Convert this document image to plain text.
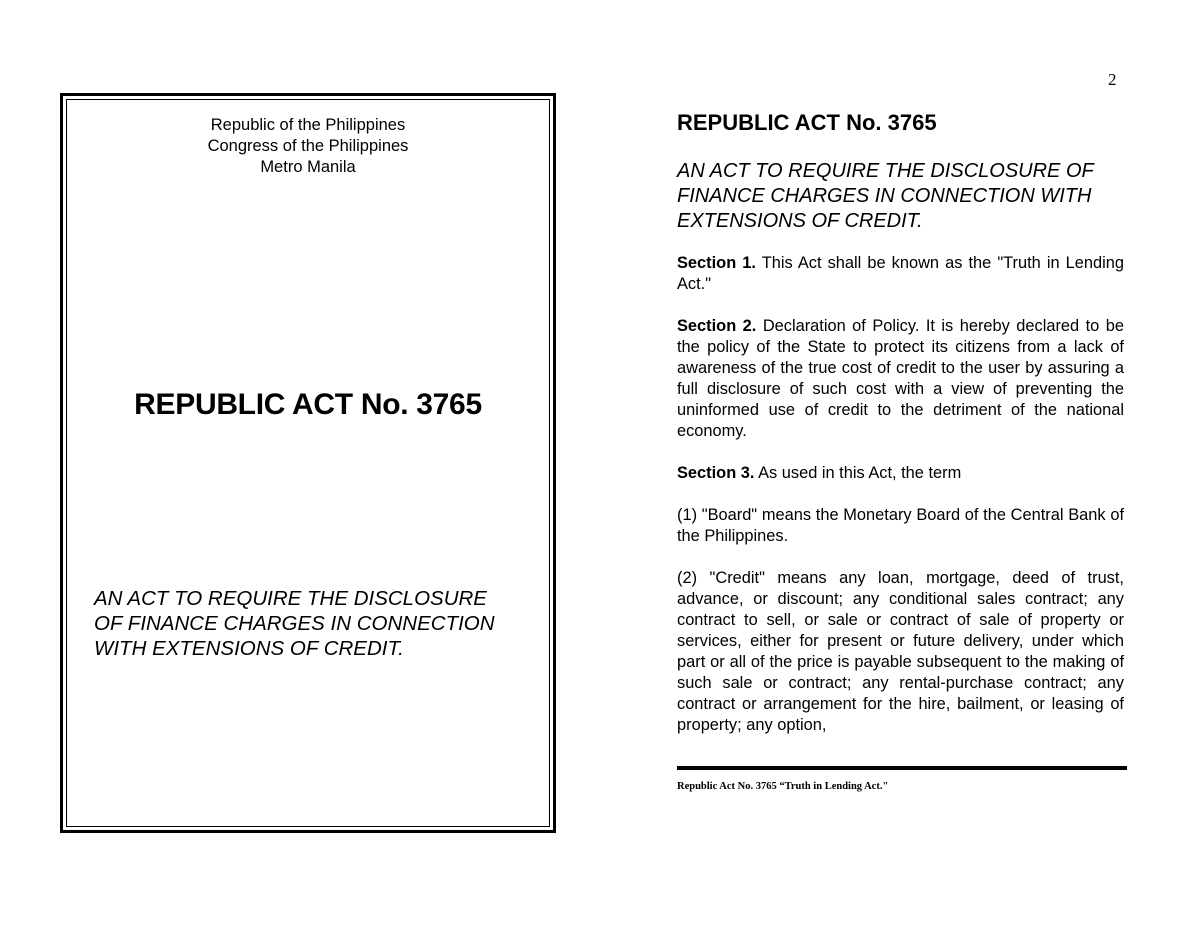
2
Republic of the Philippines
Congress of the Philippines
Metro Manila
REPUBLIC ACT No. 3765
AN ACT TO REQUIRE THE DISCLOSURE OF FINANCE CHARGES IN CONNECTION WITH EXTENSIONS OF CREDIT.
REPUBLIC ACT No. 3765
AN ACT TO REQUIRE THE DISCLOSURE OF FINANCE CHARGES IN CONNECTION WITH EXTENSIONS OF CREDIT.

Section 1. This Act shall be known as the "Truth in Lending Act."

Section 2. Declaration of Policy. It is hereby declared to be the policy of the State to protect its citizens from a lack of awareness of the true cost of credit to the user by assuring a full disclosure of such cost with a view of preventing the uninformed use of credit to the detriment of the national economy.

Section 3. As used in this Act, the term

(1) "Board" means the Monetary Board of the Central Bank of the Philippines.

(2) "Credit" means any loan, mortgage, deed of trust, advance, or discount; any conditional sales contract; any contract to sell, or sale or contract of sale of property or services, either for present or future delivery, under which part or all of the price is payable subsequent to the making of such sale or contract; any rental-purchase contract; any contract or arrangement for the hire, bailment, or leasing of property; any option,

Republic Act No. 3765 “Truth in Lending Act."
